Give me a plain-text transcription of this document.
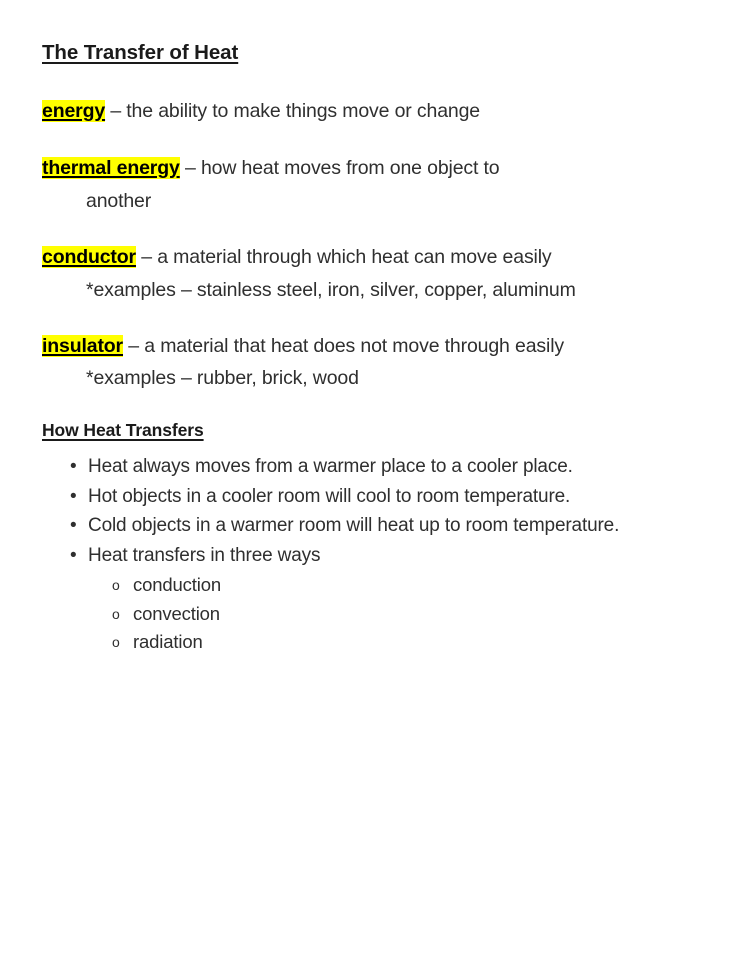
The Transfer of Heat
energy – the ability to make things move or change
thermal energy – how heat moves from one object to
another
conductor – a material through which heat can move easily
*examples – stainless steel, iron, silver, copper, aluminum
insulator – a material that heat does not move through easily
*examples – rubber, brick, wood
How Heat Transfers
• Heat always moves from a warmer place to a cooler place.
• Hot objects in a cooler room will cool to room temperature.
• Cold objects in a warmer room will heat up to room temperature.
• Heat transfers in three ways
o conduction
o convection
o radiation
